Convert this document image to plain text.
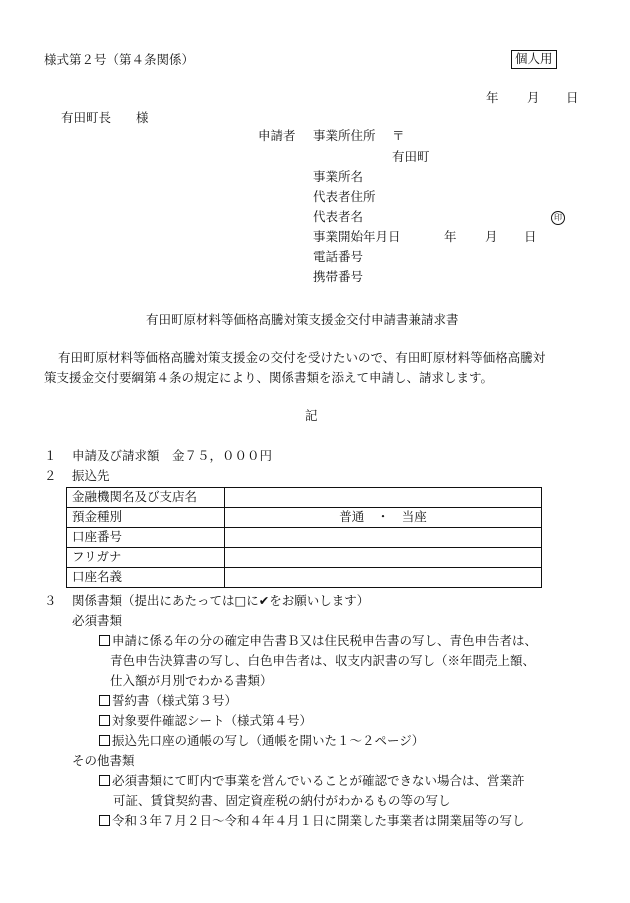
様式第２号（第４条関係）	個人用
年 月 日
有田町長　　様
申請者 事業所住所 〒
有田町
事業所名
代表者住所
代表者名	印
事業開始年月日	年 月 日
電話番号
携帯番号
有田町原材料等価格高騰対策支援金交付申請書兼請求書
有田町原材料等価格高騰対策支援金の交付を受けたいので、有田町原材料等価格高騰対
策支援金交付要綱第４条の規定により、関係書類を添えて申請し、請求します。
記
１ 申請及び請求額　金７５，０００円
２ 振込先
金融機関名及び支店名	
預金種別	普通　・　当座
口座番号	
フリガナ	
口座名義	
３ 関係書類（提出にあたっては□に✔をお願いします）
必須書類
申請に係る年の分の確定申告書Ｂ又は住民税申告書の写し、青色申告者は、
青色申告決算書の写し、白色申告者は、収支内訳書の写し（※年間売上額、
仕入額が月別でわかる書類）
誓約書（様式第３号）
対象要件確認シート（様式第４号）
振込先口座の通帳の写し（通帳を開いた１～２ページ）
その他書類
必須書類にて町内で事業を営んでいることが確認できない場合は、営業許
可証、賃貸契約書、固定資産税の納付がわかるもの等の写し
令和３年７月２日～令和４年４月１日に開業した事業者は開業届等の写し
